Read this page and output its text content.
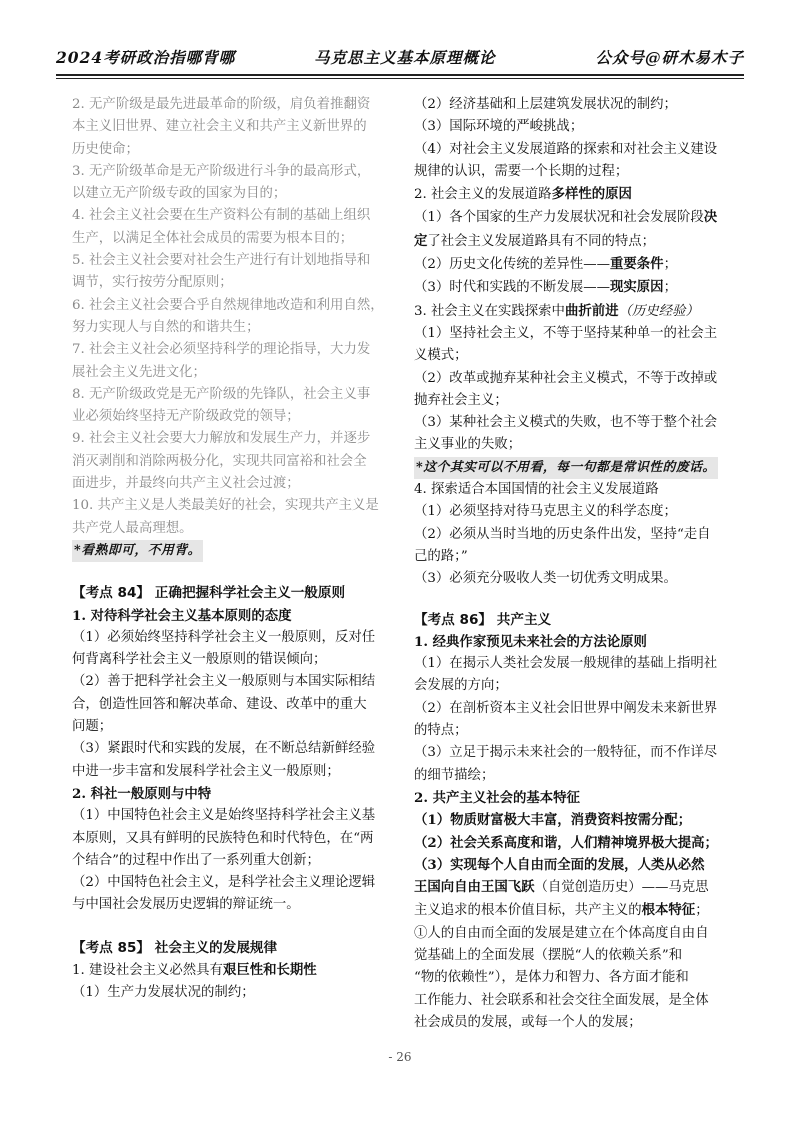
2024考研政治指哪背哪	马克思主义基本原理概论	公众号@研木易木子

2. 无产阶级是最先进最革命的阶级，肩负着推翻资

本主义旧世界、建立社会主义和共产主义新世界的

历史使命；

3. 无产阶级革命是无产阶级进行斗争的最高形式，

以建立无产阶级专政的国家为目的；

4. 社会主义社会要在生产资料公有制的基础上组织

生产，以满足全体社会成员的需要为根本目的；

5. 社会主义社会要对社会生产进行有计划地指导和

调节，实行按劳分配原则；

6. 社会主义社会要合乎自然规律地改造和利用自然，

努力实现人与自然的和谐共生；

7. 社会主义社会必须坚持科学的理论指导，大力发

展社会主义先进文化；

8. 无产阶级政党是无产阶级的先锋队，社会主义事

业必须始终坚持无产阶级政党的领导；

9. 社会主义社会要大力解放和发展生产力，并逐步

消灭剥削和消除两极分化，实现共同富裕和社会全

面进步，并最终向共产主义社会过渡；

10. 共产主义是人类最美好的社会，实现共产主义是

共产党人最高理想。

*看熟即可，不用背。

【考点 84】 正确把握科学社会主义一般原则

1. 对待科学社会主义基本原则的态度

（1）必须始终坚持科学社会主义一般原则，反对任

何背离科学社会主义一般原则的错误倾向；

（2）善于把科学社会主义一般原则与本国实际相结

合，创造性回答和解决革命、建设、改革中的重大

问题；

（3）紧跟时代和实践的发展，在不断总结新鲜经验

中进一步丰富和发展科学社会主义一般原则；

2. 科社一般原则与中特

（1）中国特色社会主义是始终坚持科学社会主义基

本原则，又具有鲜明的民族特色和时代特色，在“两

个结合”的过程中作出了一系列重大创新；

（2）中国特色社会主义，是科学社会主义理论逻辑

与中国社会发展历史逻辑的辩证统一。

【考点 85】 社会主义的发展规律

1. 建设社会主义必然具有艰巨性和长期性

（1）生产力发展状况的制约；

（2）经济基础和上层建筑发展状况的制约；

（3）国际环境的严峻挑战；

（4）对社会主义发展道路的探索和对社会主义建设

规律的认识，需要一个长期的过程；

2. 社会主义的发展道路多样性的原因

（1）各个国家的生产力发展状况和社会发展阶段决

定了社会主义发展道路具有不同的特点；

（2）历史文化传统的差异性——重要条件；

（3）时代和实践的不断发展——现实原因；

3. 社会主义在实践探索中曲折前进（历史经验）

（1）坚持社会主义，不等于坚持某种单一的社会主

义模式；

（2）改革或抛弃某种社会主义模式，不等于改掉或

抛弃社会主义；

（3）某种社会主义模式的失败，也不等于整个社会

主义事业的失败；

*这个其实可以不用看，每一句都是常识性的废话。

4. 探索适合本国国情的社会主义发展道路

（1）必须坚持对待马克思主义的科学态度；

（2）必须从当时当地的历史条件出发，坚持“走自

己的路；”

（3）必须充分吸收人类一切优秀文明成果。

【考点 86】 共产主义

1. 经典作家预见未来社会的方法论原则

（1）在揭示人类社会发展一般规律的基础上指明社

会发展的方向；

（2）在剖析资本主义社会旧世界中阐发未来新世界

的特点；

（3）立足于揭示未来社会的一般特征，而不作详尽

的细节描绘；

2. 共产主义社会的基本特征

（1）物质财富极大丰富，消费资料按需分配；

（2）社会关系高度和谐，人们精神境界极大提高；

（3）实现每个人自由而全面的发展，人类从必然

王国向自由王国飞跃（自觉创造历史）——马克思

主义追求的根本价值目标，共产主义的根本特征；

①人的自由而全面的发展是建立在个体高度自由自

觉基础上的全面发展（摆脱“人的依赖关系”和

“物的依赖性”），是体力和智力、各方面才能和

工作能力、社会联系和社会交往全面发展，是全体

社会成员的发展，或每一个人的发展；

- 26
